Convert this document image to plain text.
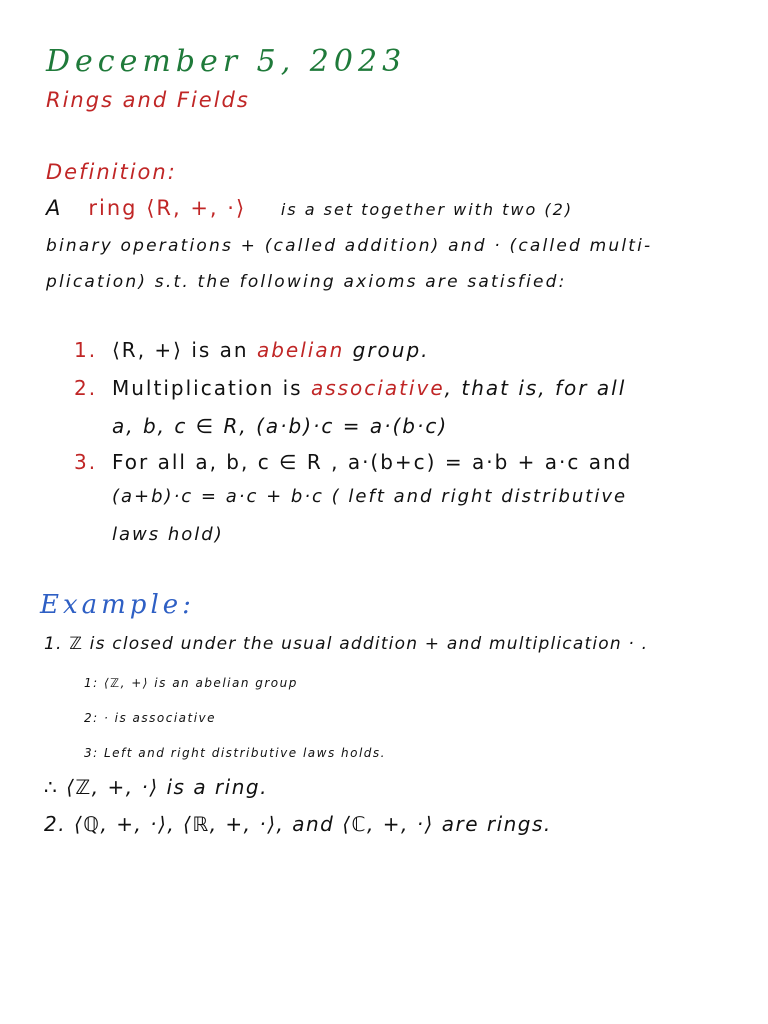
December 5, 2023
Rings and Fields
Definition:
A ring ⟨R, +, ·⟩ is a set together with two (2)
binary operations + (called addition) and · (called multi-
plication) s.t. the following axioms are satisfied:
1. ⟨R, +⟩ is an abelian group.
2. Multiplication is associative, that is, for all
a, b, c ∈ R, (a·b)·c = a·(b·c)
3. For all a, b, c ∈ R , a·(b+c) = a·b + a·c and
(a+b)·c = a·c + b·c ( left and right distributive
laws hold)
Example:
1. ℤ is closed under the usual addition + and multiplication · .
1: ⟨ℤ, +⟩ is an abelian group
2: · is associative
3: Left and right distributive laws holds.
∴ ⟨ℤ, +, ·⟩ is a ring.
2. ⟨ℚ, +, ·⟩, ⟨ℝ, +, ·⟩, and ⟨ℂ, +, ·⟩ are rings.
